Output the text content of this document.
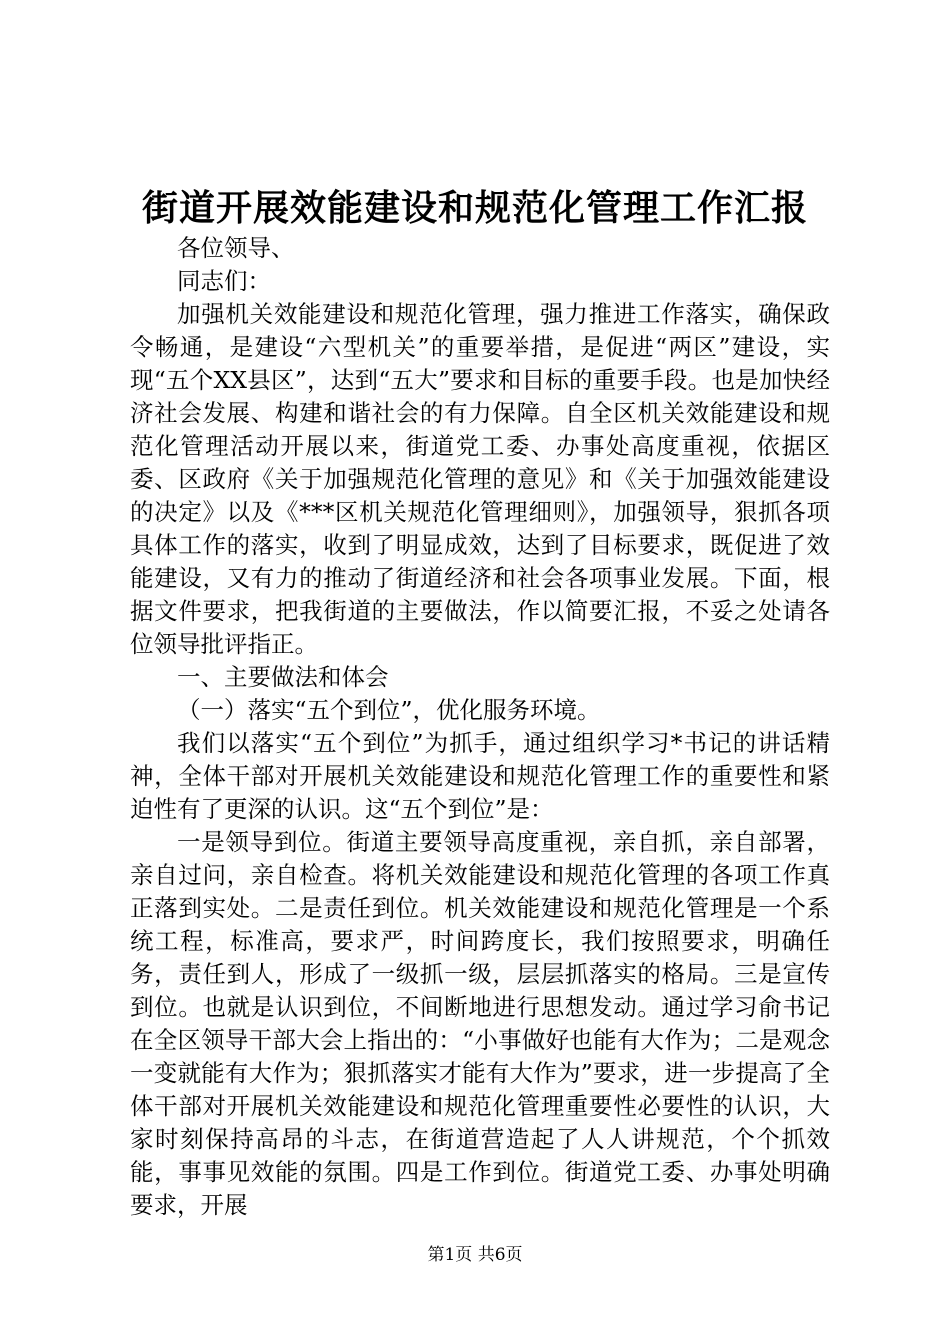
街道开展效能建设和规范化管理工作汇报

各位领导、

同志们：

加强机关效能建设和规范化管理，强力推进工作落实，确保政令畅通，是建设“六型机关”的重要举措，是促进“两区”建设，实现“五个XX县区”，达到“五大”要求和目标的重要手段。也是加快经济社会发展、构建和谐社会的有力保障。自全区机关效能建设和规范化管理活动开展以来，街道党工委、办事处高度重视，依据区委、区政府《关于加强规范化管理的意见》和《关于加强效能建设的决定》以及《***区机关规范化管理细则》，加强领导，狠抓各项具体工作的落实，收到了明显成效，达到了目标要求，既促进了效能建设，又有力的推动了街道经济和社会各项事业发展。下面，根据文件要求，把我街道的主要做法，作以简要汇报，不妥之处请各位领导批评指正。

一、主要做法和体会

（一）落实“五个到位”，优化服务环境。

我们以落实“五个到位”为抓手，通过组织学习*书记的讲话精神，全体干部对开展机关效能建设和规范化管理工作的重要性和紧迫性有了更深的认识。这“五个到位”是：

一是领导到位。街道主要领导高度重视，亲自抓，亲自部署，亲自过问，亲自检查。将机关效能建设和规范化管理的各项工作真正落到实处。二是责任到位。机关效能建设和规范化管理是一个系统工程，标准高，要求严，时间跨度长，我们按照要求，明确任务，责任到人，形成了一级抓一级，层层抓落实的格局。三是宣传到位。也就是认识到位，不间断地进行思想发动。通过学习俞书记在全区领导干部大会上指出的：“小事做好也能有大作为；二是观念一变就能有大作为；狠抓落实才能有大作为”要求，进一步提高了全体干部对开展机关效能建设和规范化管理重要性必要性的认识，大家时刻保持高昂的斗志，在街道营造起了人人讲规范，个个抓效能，事事见效能的氛围。四是工作到位。街道党工委、办事处明确要求，开展

第1页 共6页
